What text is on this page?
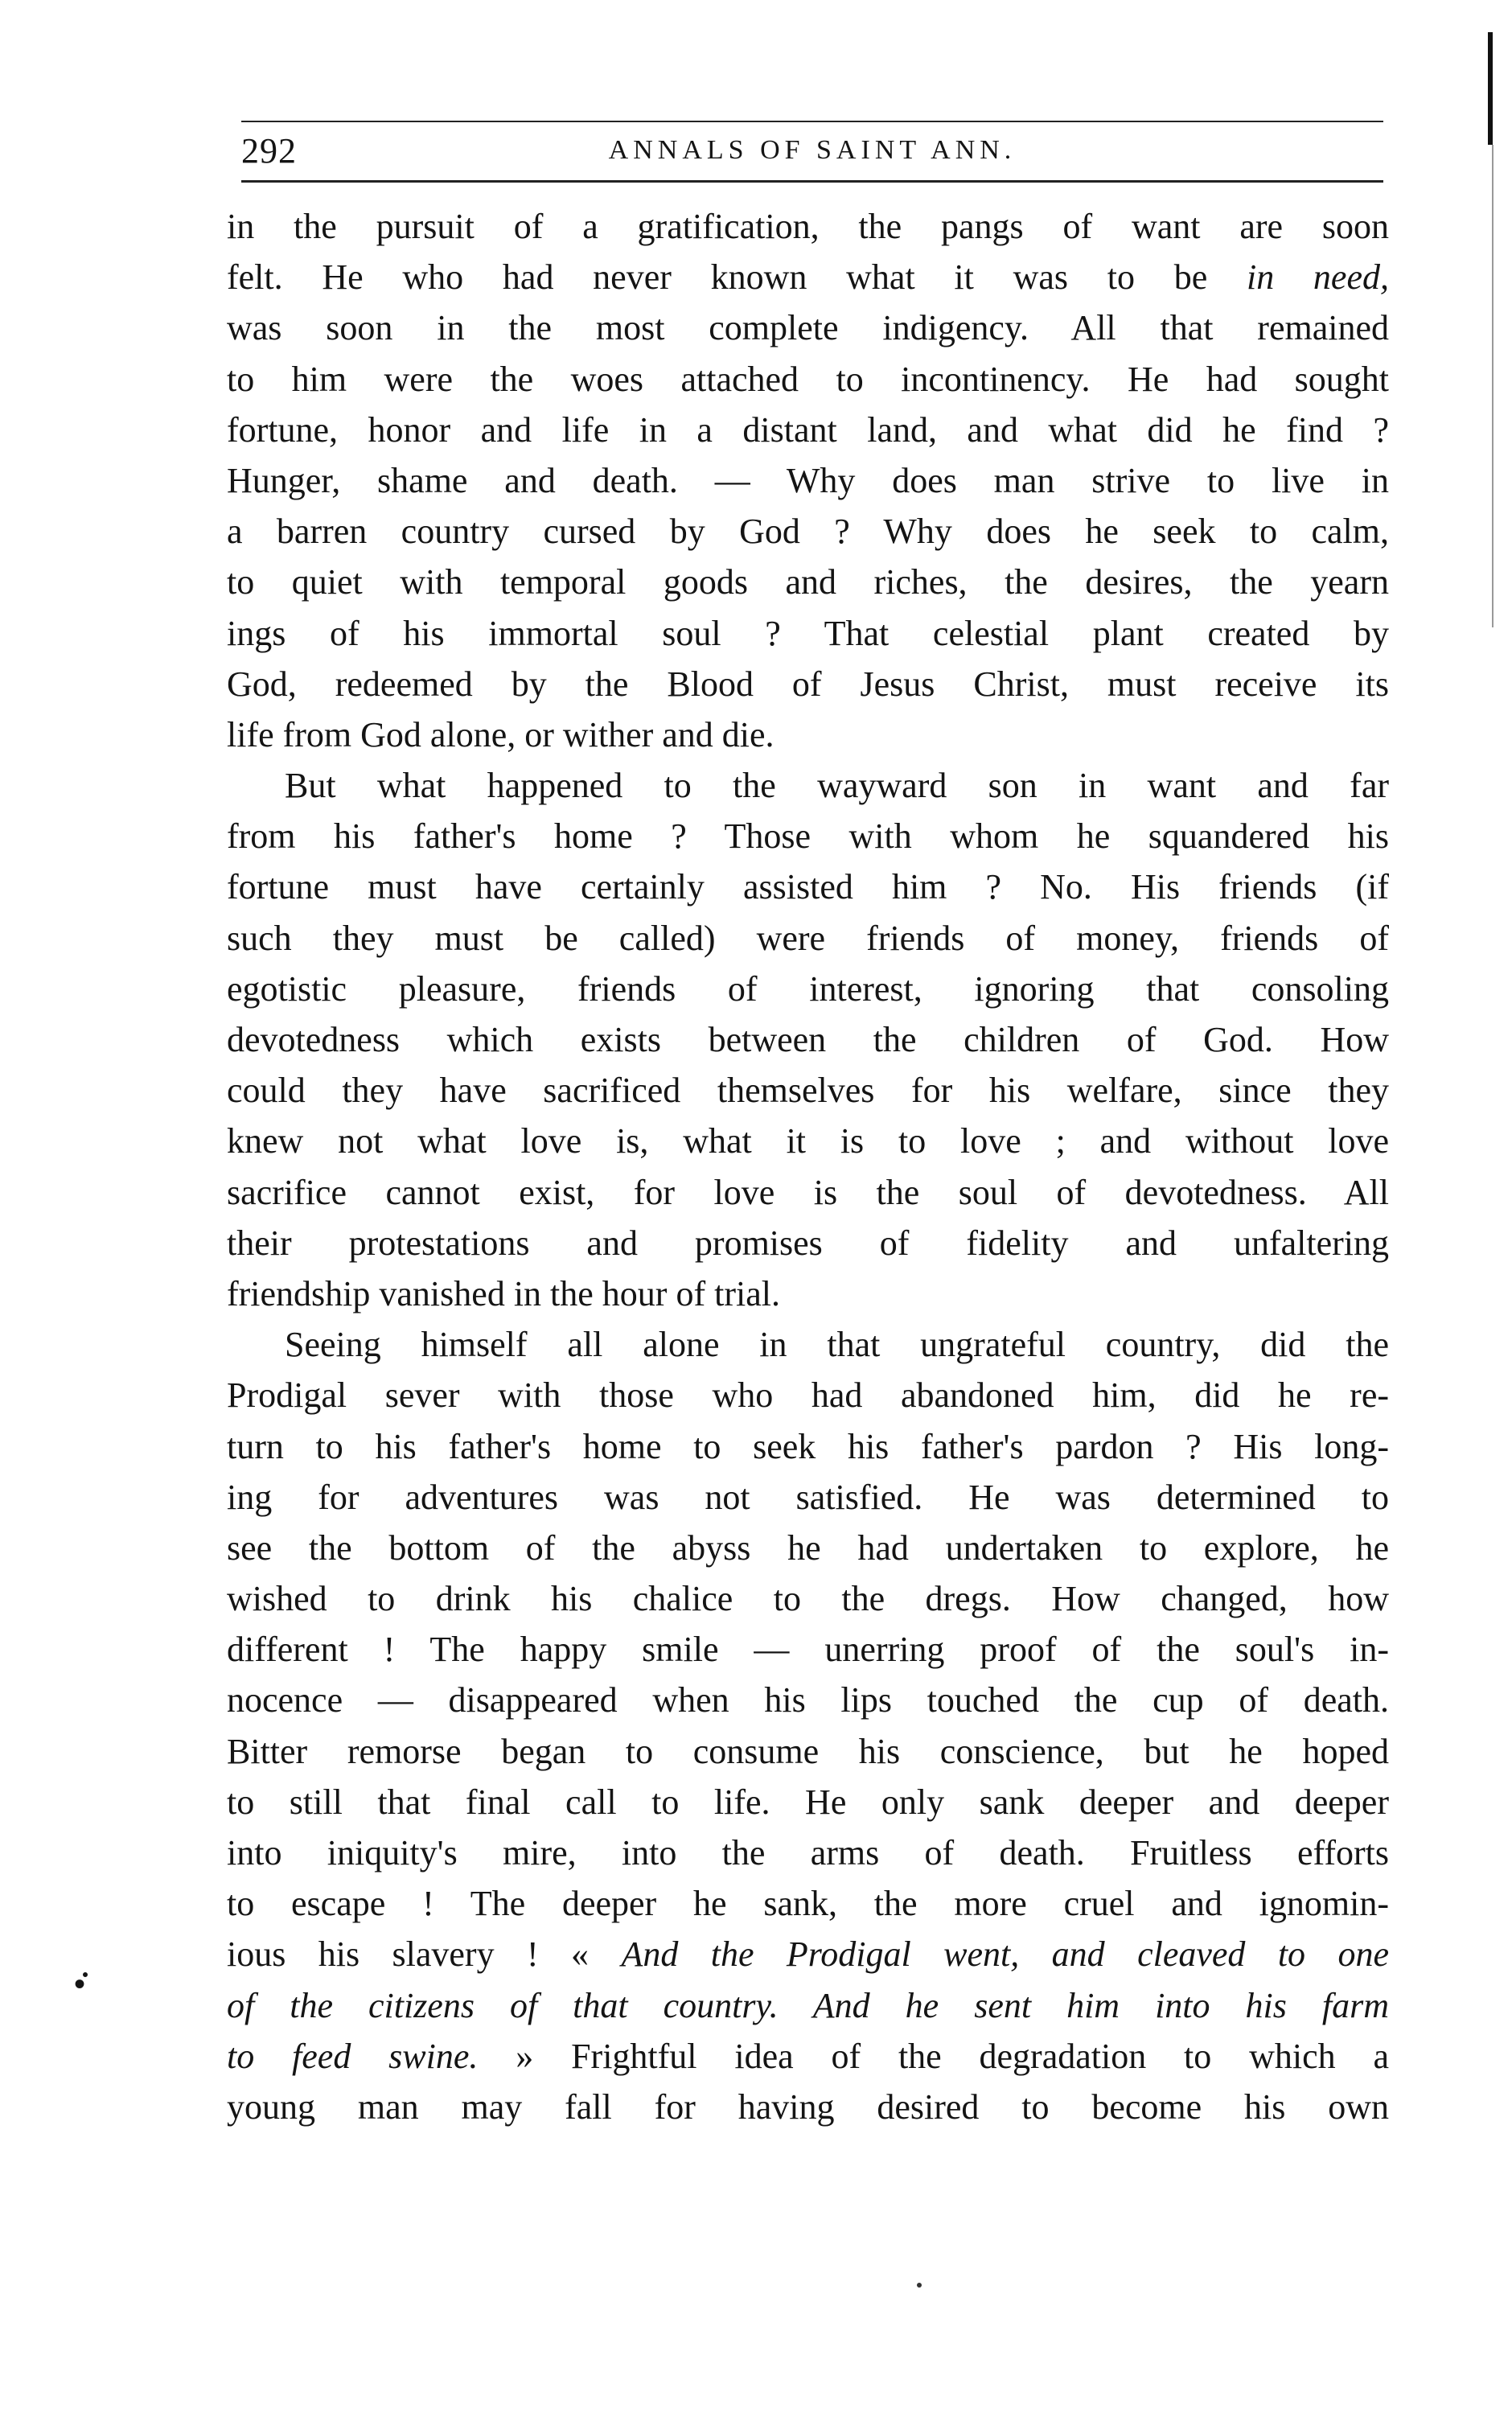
292	ANNALS OF SAINT ANN.
in the pursuit of a gratification, the pangs of want are soon
felt. He who had never known what it was to be in need,
was soon in the most complete indigency. All that remained
to him were the woes attached to incontinency. He had sought
fortune, honor and life in a distant land, and what did he find ?
Hunger, shame and death. — Why does man strive to live in
a barren country cursed by God ? Why does he seek to calm,
to quiet with temporal goods and riches, the desires, the yearn
ings of his immortal soul ? That celestial plant created by
God, redeemed by the Blood of Jesus Christ, must receive its
life from God alone, or wither and die.
But what happened to the wayward son in want and far
from his father's home ? Those with whom he squandered his
fortune must have certainly assisted him ? No. His friends (if
such they must be called) were friends of money, friends of
egotistic pleasure, friends of interest, ignoring that consoling
devotedness which exists between the children of God. How
could they have sacrificed themselves for his welfare, since they
knew not what love is, what it is to love ; and without love
sacrifice cannot exist, for love is the soul of devotedness. All
their protestations and promises of fidelity and unfaltering
friendship vanished in the hour of trial.
Seeing himself all alone in that ungrateful country, did the
Prodigal sever with those who had abandoned him, did he re-
turn to his father's home to seek his father's pardon ? His long-
ing for adventures was not satisfied. He was determined to
see the bottom of the abyss he had undertaken to explore, he
wished to drink his chalice to the dregs. How changed, how
different ! The happy smile — unerring proof of the soul's in-
nocence — disappeared when his lips touched the cup of death.
Bitter remorse began to consume his conscience, but he hoped
to still that final call to life. He only sank deeper and deeper
into iniquity's mire, into the arms of death. Fruitless efforts
to escape ! The deeper he sank, the more cruel and ignomin-
ious his slavery ! « And the Prodigal went, and cleaved to one
of the citizens of that country. And he sent him into his farm
to feed swine. » Frightful idea of the degradation to which a
young man may fall for having desired to become his own
•̇
